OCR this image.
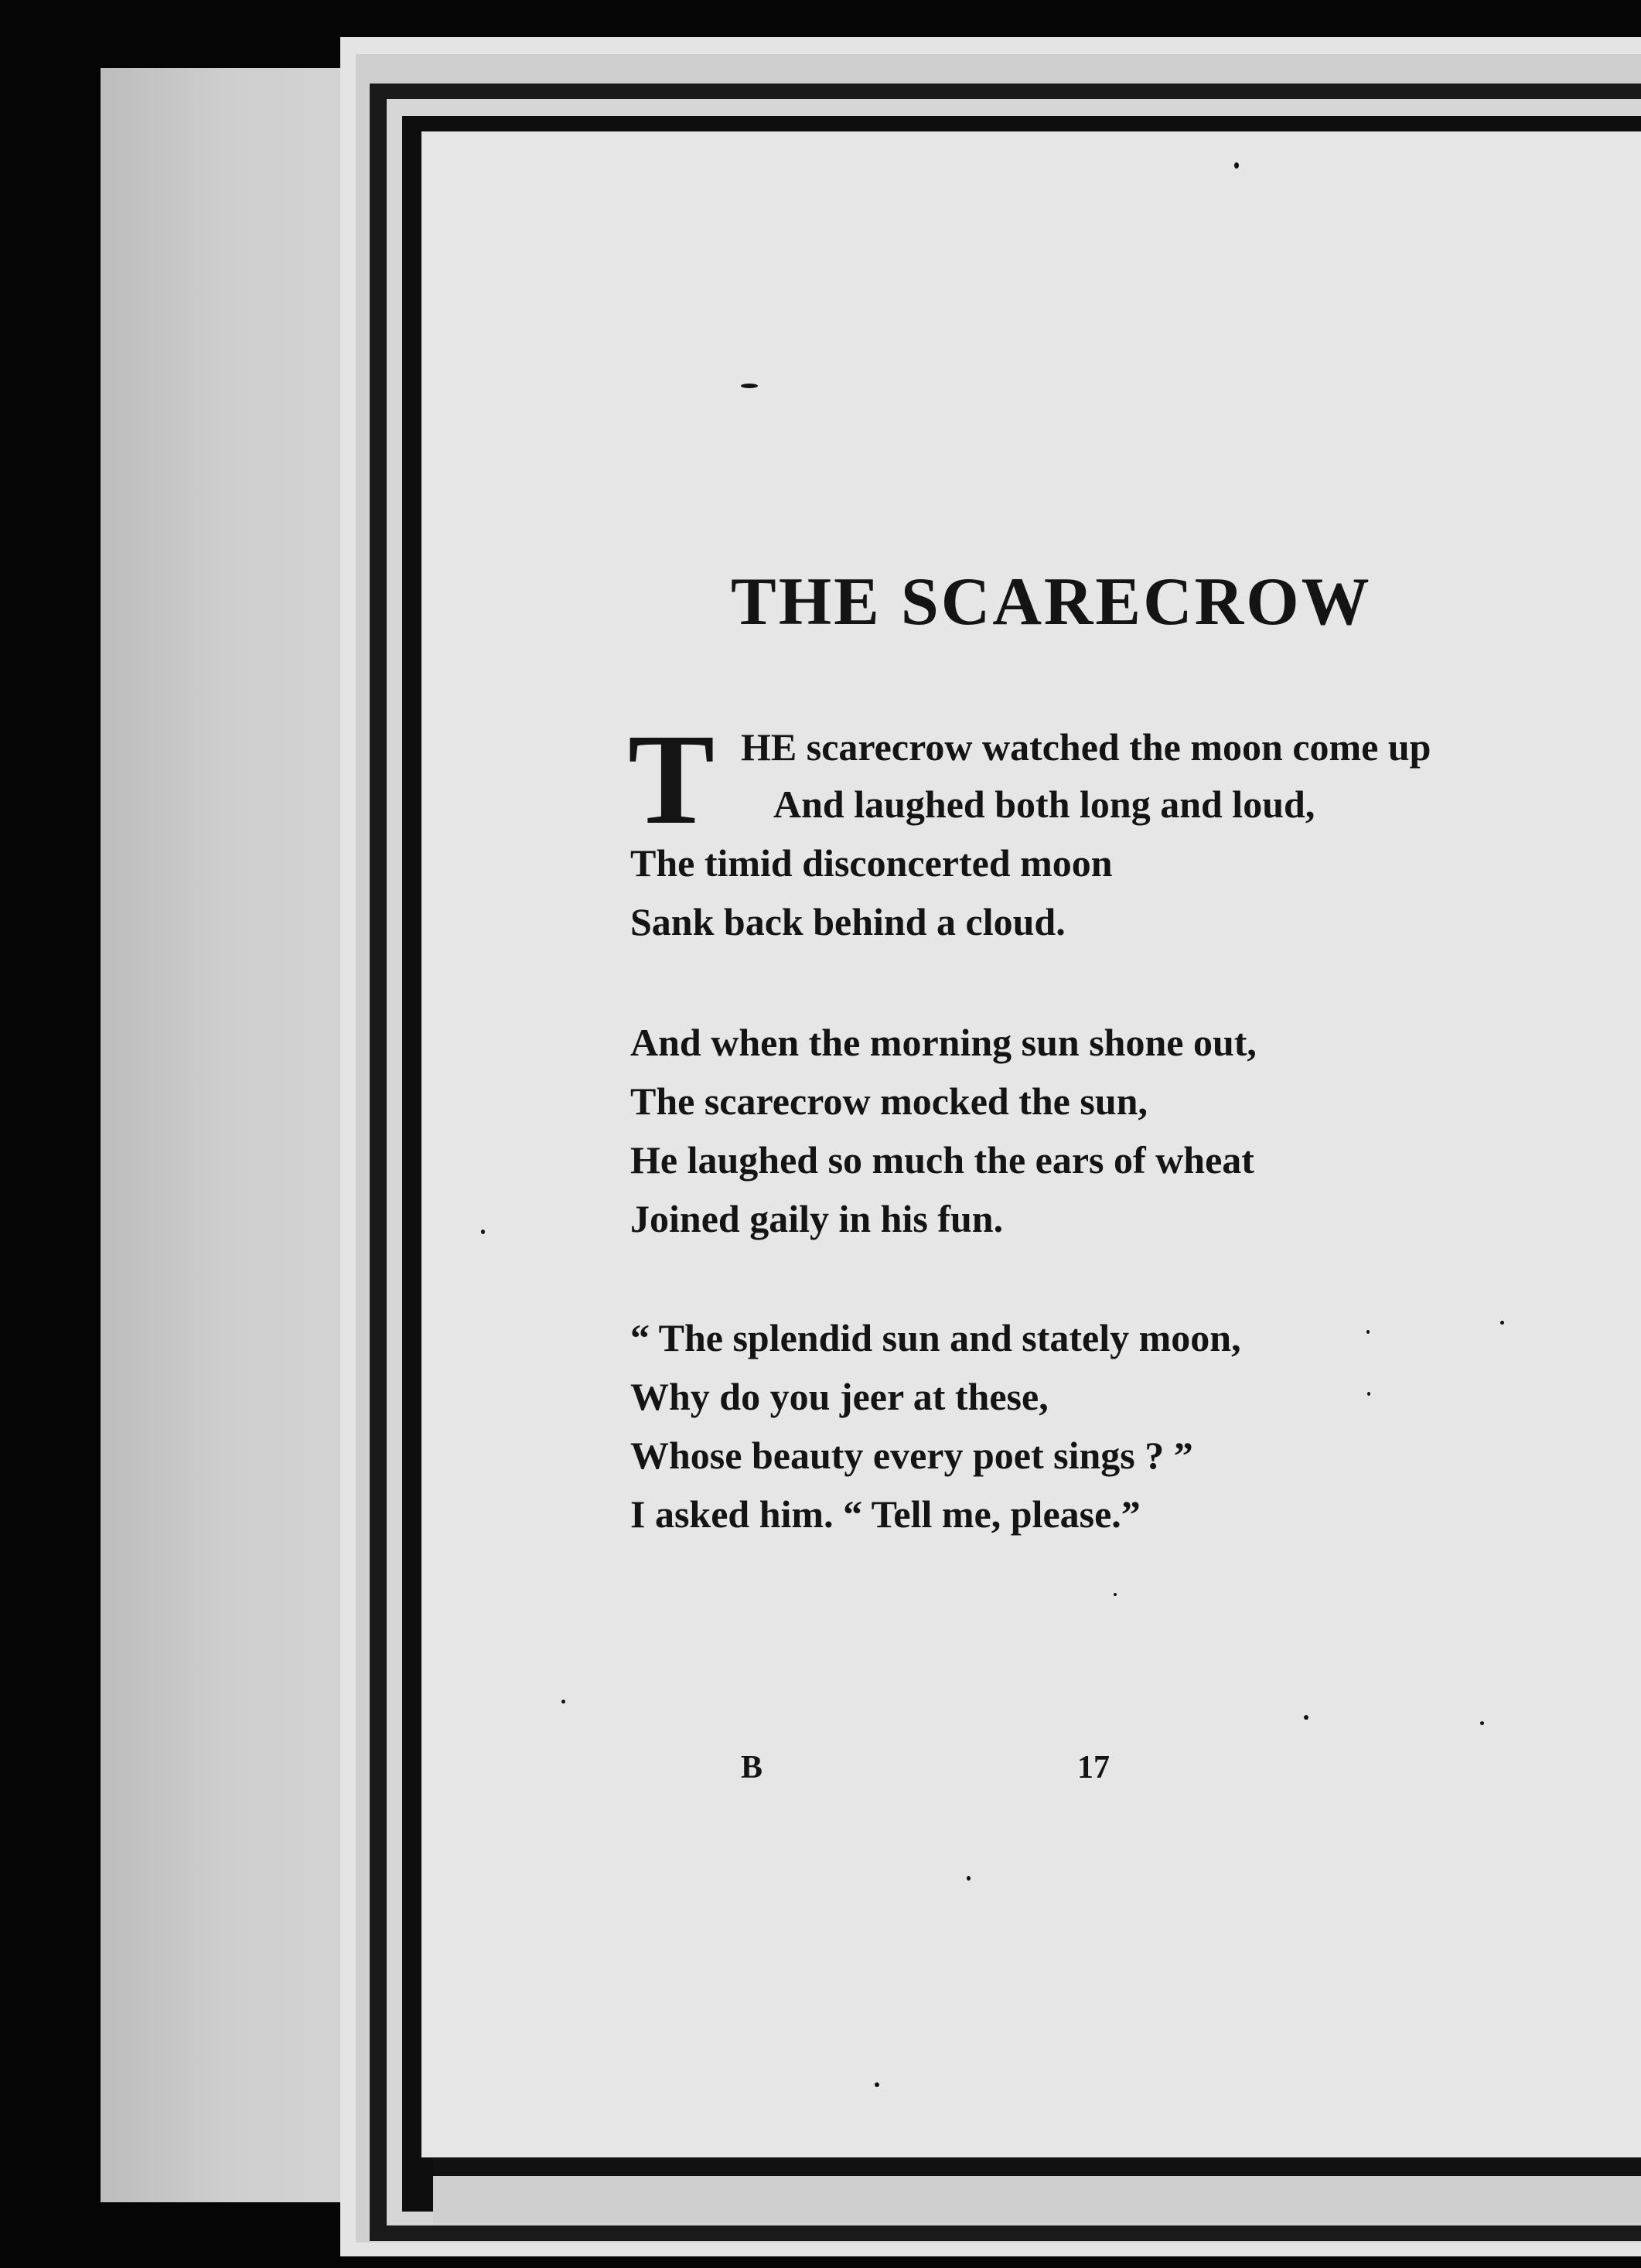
THE SCARECROW
T HE scarecrow watched the moon come up
And laughed both long and loud,
The timid disconcerted moon
Sank back behind a cloud.
And when the morning sun shone out,
The scarecrow mocked the sun,
He laughed so much the ears of wheat
Joined gaily in his fun.
“ The splendid sun and stately moon,
Why do you jeer at these,
Whose beauty every poet sings ? ”
I asked him. “ Tell me, please.”
B	17
